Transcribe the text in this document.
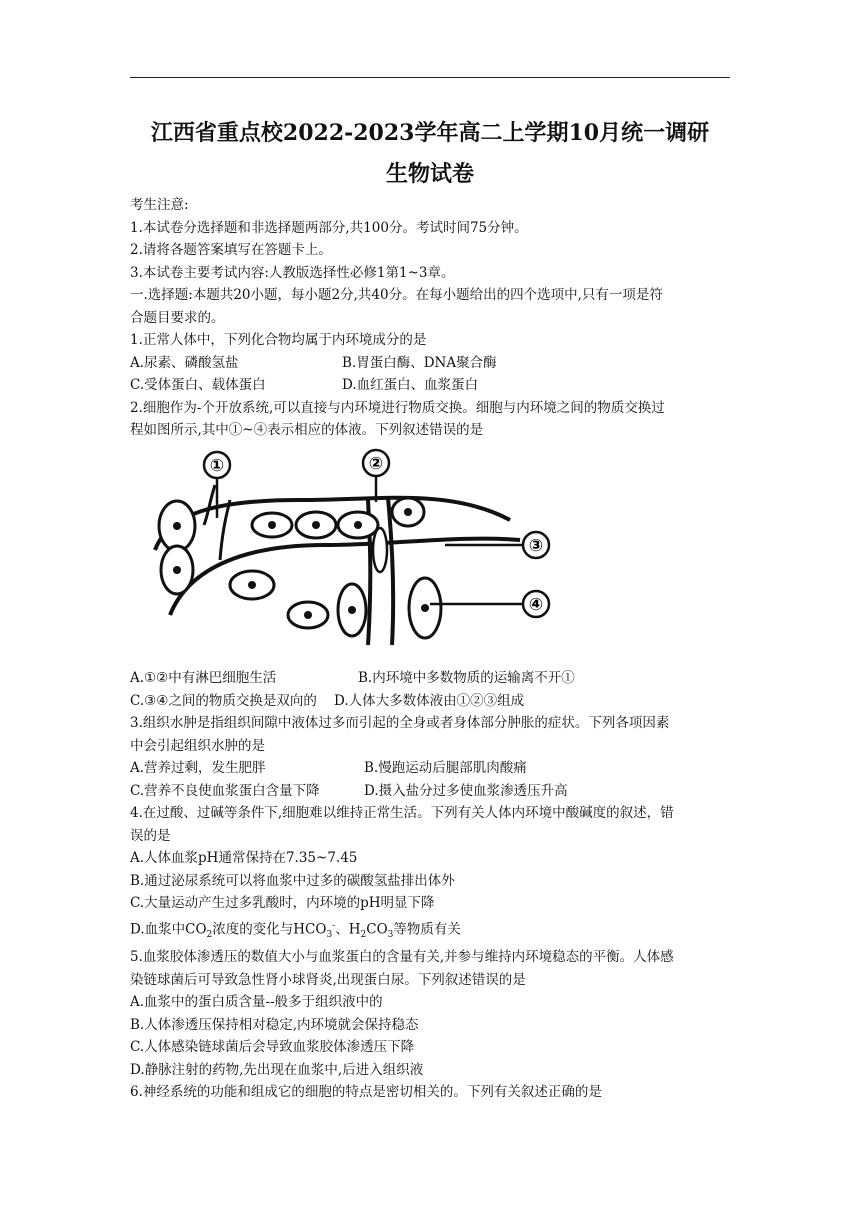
江西省重点校2022-2023学年高二上学期10月统一调研
生物试卷

考生注意:

1.本试卷分选择题和非选择题两部分,共100分。考试时间75分钟。

2.请将各题答案填写在答题卡上。

3.本试卷主要考试内容:人教版选择性必修1第1~3章。

一.选择题:本题共20小题，每小题2分,共40分。在每小题给出的四个选项中,只有一项是符

合题目要求的。

1.正常人体中，下列化合物均属于内环境成分的是

A.尿素、磷酸氢盐	B.胃蛋白酶、DNA聚合酶
C.受体蛋白、载体蛋白	D.血红蛋白、血浆蛋白

2.细胞作为-个开放系统,可以直接与内环境进行物质交换。细胞与内环境之间的物质交换过

程如图所示,其中①~④表示相应的体液。下列叙述错误的是

①	②
③
④
A.①②中有淋巴细胞生活	B.内环境中多数物质的运输离不开①
C.③④之间的物质交换是双向的	D.人体大多数体液由①②③组成

3.组织水肿是指组织间隙中液体过多而引起的全身或者身体部分肿胀的症状。下列各项因素

中会引起组织水肿的是

A.营养过剩，发生肥胖	B.慢跑运动后腿部肌肉酸痛
C.营养不良使血浆蛋白含量下降	D.摄入盐分过多使血浆渗透压升高

4.在过酸、过碱等条件下,细胞难以维持正常生活。下列有关人体内环境中酸碱度的叙述，错

误的是

A.人体血浆pH通常保持在7.35~7.45

B.通过泌尿系统可以将血浆中过多的碳酸氢盐排出体外

C.大量运动产生过多乳酸时，内环境的pH明显下降

D.血浆中$CO_2$浓度的变化与$HCO_3^-$、$H_2CO_3$等物质有关

5.血浆胶体渗透压的数值大小与血浆蛋白的含量有关,并参与维持内环境稳态的平衡。人体感

染链球菌后可导致急性肾小球肾炎,出现蛋白尿。下列叙述错误的是

A.血浆中的蛋白质含量--般多于组织液中的

B.人体渗透压保持相对稳定,内环境就会保持稳态

C.人体感染链球菌后会导致血浆胶体渗透压下降

D.静脉注射的药物,先出现在血浆中,后进入组织液

6.神经系统的功能和组成它的细胞的特点是密切相关的。下列有关叙述正确的是
